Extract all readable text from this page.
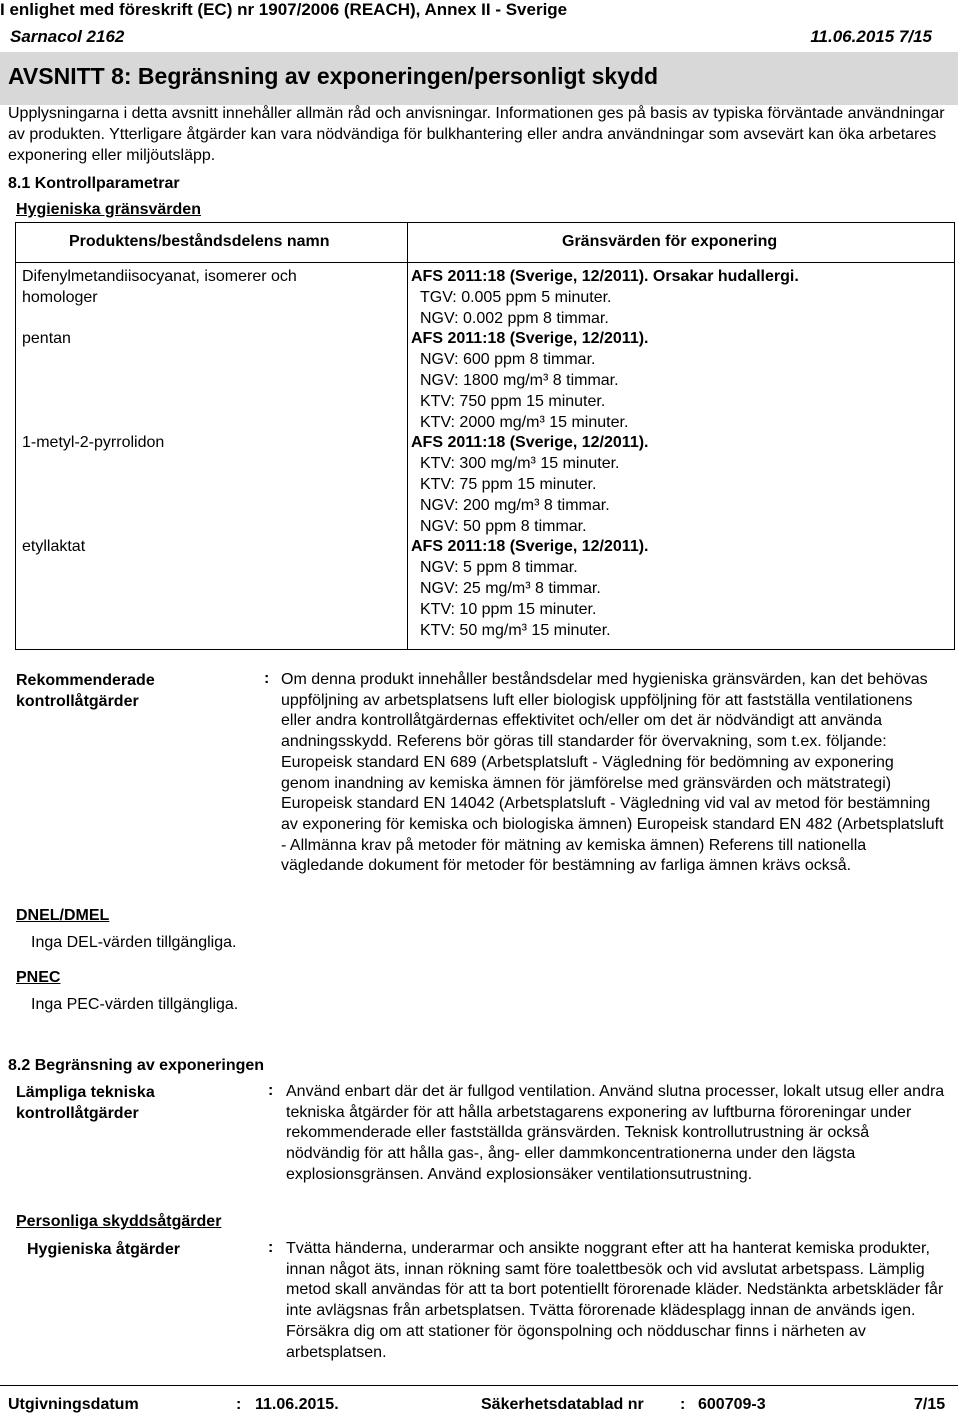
I enlighet med föreskrift (EC) nr 1907/2006 (REACH), Annex II - Sverige
Sarnacol 2162	11.06.2015 7/15
AVSNITT 8: Begränsning av exponeringen/personligt skydd
Upplysningarna i detta avsnitt innehåller allmän råd och anvisningar. Informationen ges på basis av typiska förväntade användningar av produkten. Ytterligare åtgärder kan vara nödvändiga för bulkhantering eller andra användningar som avsevärt kan öka arbetares exponering eller miljöutsläpp.
8.1 Kontrollparametrar
Hygieniska gränsvärden
Produktens/beståndsdelens namn	Gränsvärden för exponering
Difenylmetandiisocyanat, isomerer och homologer
AFS 2011:18 (Sverige, 12/2011). Orsakar hudallergi.
TGV: 0.005 ppm 5 minuter.
NGV: 0.002 ppm 8 timmar.
pentan	AFS 2011:18 (Sverige, 12/2011).
NGV: 600 ppm 8 timmar.
NGV: 1800 mg/m³ 8 timmar.
KTV: 750 ppm 15 minuter.
KTV: 2000 mg/m³ 15 minuter.
1-metyl-2-pyrrolidon	AFS 2011:18 (Sverige, 12/2011).
KTV: 300 mg/m³ 15 minuter.
KTV: 75 ppm 15 minuter.
NGV: 200 mg/m³ 8 timmar.
NGV: 50 ppm 8 timmar.
etyllaktat	AFS 2011:18 (Sverige, 12/2011).
NGV: 5 ppm 8 timmar.
NGV: 25 mg/m³ 8 timmar.
KTV: 10 ppm 15 minuter.
KTV: 50 mg/m³ 15 minuter.
Rekommenderade kontrollåtgärder
: Om denna produkt innehåller beståndsdelar med hygieniska gränsvärden, kan det behövas uppföljning av arbetsplatsens luft eller biologisk uppföljning för att fastställa ventilationens eller andra kontrollåtgärdernas effektivitet och/eller om det är nödvändigt att använda andningsskydd. Referens bör göras till standarder för övervakning, som t.ex. följande: Europeisk standard EN 689 (Arbetsplatsluft - Vägledning för bedömning av exponering genom inandning av kemiska ämnen för jämförelse med gränsvärden och mätstrategi) Europeisk standard EN 14042 (Arbetsplatsluft - Vägledning vid val av metod för bestämning av exponering för kemiska och biologiska ämnen) Europeisk standard EN 482 (Arbetsplatsluft - Allmänna krav på metoder för mätning av kemiska ämnen) Referens till nationella vägledande dokument för metoder för bestämning av farliga ämnen krävs också.
DNEL/DMEL
Inga DEL-värden tillgängliga.
PNEC
Inga PEC-värden tillgängliga.
8.2 Begränsning av exponeringen
Lämpliga tekniska kontrollåtgärder
: Använd enbart där det är fullgod ventilation. Använd slutna processer, lokalt utsug eller andra tekniska åtgärder för att hålla arbetstagarens exponering av luftburna föroreningar under rekommenderade eller fastställda gränsvärden. Teknisk kontrollutrustning är också nödvändig för att hålla gas-, ång- eller dammkoncentrationerna under den lägsta explosionsgränsen. Använd explosionsäker ventilationsutrustning.
Personliga skyddsåtgärder
Hygieniska åtgärder	: Tvätta händerna, underarmar och ansikte noggrant efter att ha hanterat kemiska produkter, innan något äts, innan rökning samt före toalettbesök och vid avslutat arbetspass. Lämplig metod skall användas för att ta bort potentiellt förorenade kläder. Nedstänkta arbetskläder får inte avlägsnas från arbetsplatsen. Tvätta förorenade klädesplagg innan de används igen. Försäkra dig om att stationer för ögonspolning och nödduschar finns i närheten av arbetsplatsen.
Utgivningsdatum	: 11.06.2015.	Säkerhetsdatablad nr : 600709-3	7/15
